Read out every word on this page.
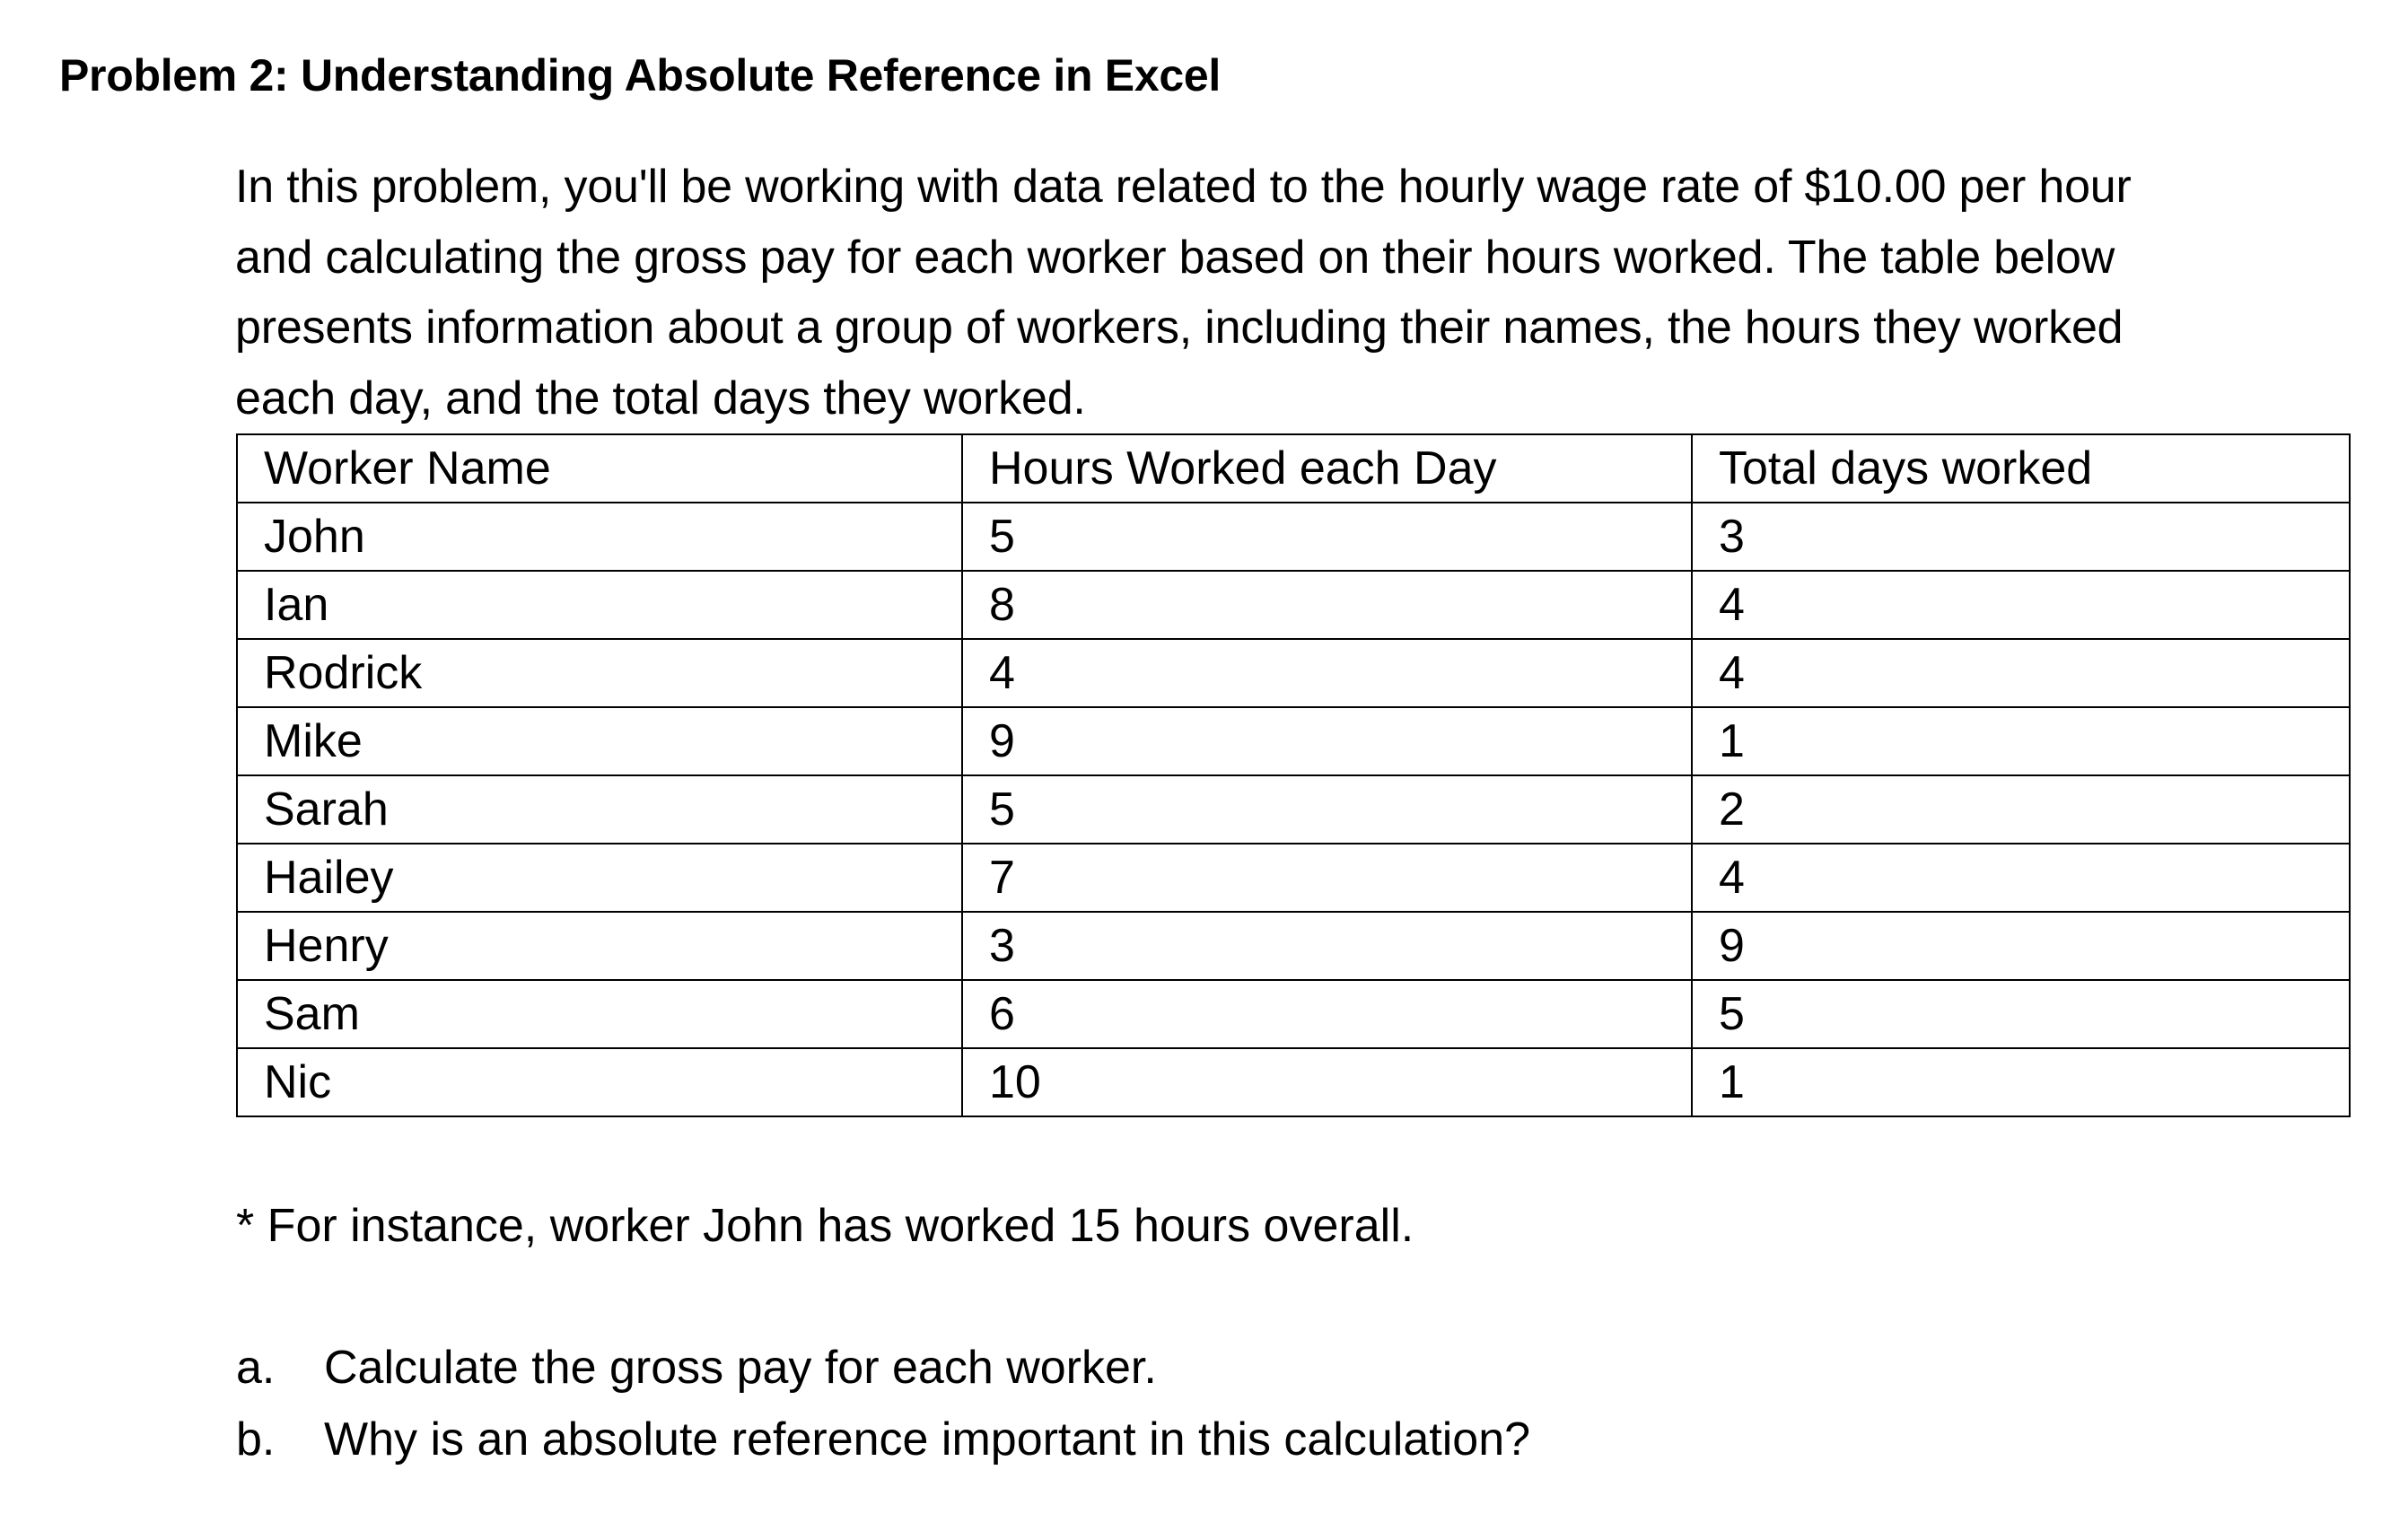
Problem 2: Understanding Absolute Reference in Excel

In this problem, you'll be working with data related to the hourly wage rate of $10.00 per hour
and calculating the gross pay for each worker based on their hours worked. The table below
presents information about a group of workers, including their names, the hours they worked
each day, and the total days they worked.

Worker Name	Hours Worked each Day	Total days worked
John	5	3
Ian	8	4
Rodrick	4	4
Mike	9	1
Sarah	5	2
Hailey	7	4
Henry	3	9
Sam	6	5
Nic	10	1

* For instance, worker John has worked 15 hours overall.

a. Calculate the gross pay for each worker.
b. Why is an absolute reference important in this calculation?
